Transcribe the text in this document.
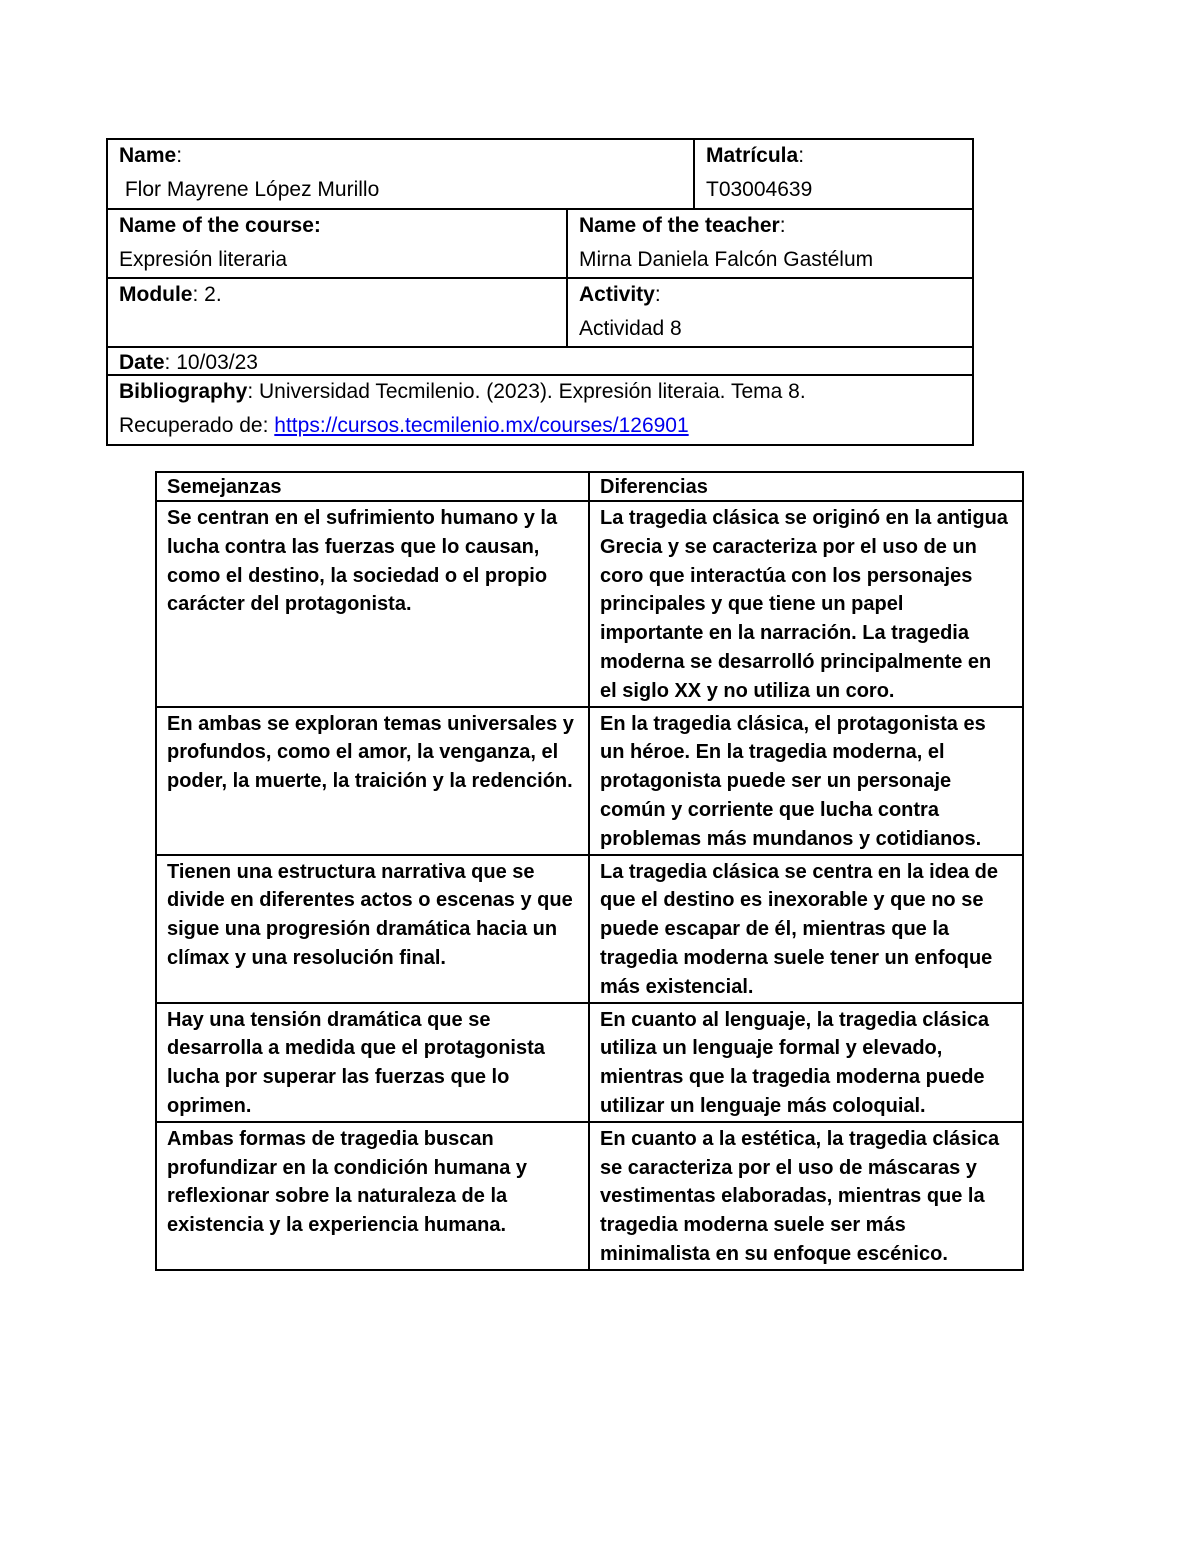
Name:
Flor Mayrene López Murillo
Matrícula:
T03004639
Name of the course:
Expresión literaria
Name of the teacher:
Mirna Daniela Falcón Gastélum
Module: 2.	Activity:
Actividad 8
Date: 10/03/23
Bibliography: Universidad Tecmilenio. (2023). Expresión literaia. Tema 8.
Recuperado de: https://cursos.tecmilenio.mx/courses/126901
Semejanzas	Diferencias
Se centran en el sufrimiento humano y la lucha contra las fuerzas que lo causan, como el destino, la sociedad o el propio carácter del protagonista.	La tragedia clásica se originó en la antigua Grecia y se caracteriza por el uso de un coro que interactúa con los personajes principales y que tiene un papel importante en la narración. La tragedia moderna se desarrolló principalmente en el siglo XX y no utiliza un coro.
En ambas se exploran temas universales y profundos, como el amor, la venganza, el poder, la muerte, la traición y la redención.	En la tragedia clásica, el protagonista es un héroe. En la tragedia moderna, el protagonista puede ser un personaje común y corriente que lucha contra problemas más mundanos y cotidianos.
Tienen una estructura narrativa que se divide en diferentes actos o escenas y que sigue una progresión dramática hacia un clímax y una resolución final.	La tragedia clásica se centra en la idea de que el destino es inexorable y que no se puede escapar de él, mientras que la tragedia moderna suele tener un enfoque más existencial.
Hay una tensión dramática que se desarrolla a medida que el protagonista lucha por superar las fuerzas que lo oprimen.	En cuanto al lenguaje, la tragedia clásica utiliza un lenguaje formal y elevado, mientras que la tragedia moderna puede utilizar un lenguaje más coloquial.
Ambas formas de tragedia buscan profundizar en la condición humana y reflexionar sobre la naturaleza de la existencia y la experiencia humana.	En cuanto a la estética, la tragedia clásica se caracteriza por el uso de máscaras y vestimentas elaboradas, mientras que la tragedia moderna suele ser más minimalista en su enfoque escénico.
